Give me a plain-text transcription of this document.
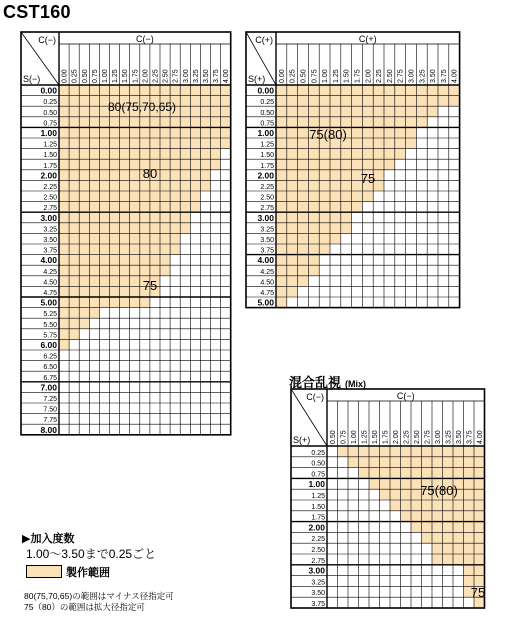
CST160
C(−)
S(−)
C(−)
0.00 0.25 0.50 0.75 1.00 1.25 1.50 1.75 2.00 2.25 2.50 2.75 3.00 3.25 3.50 3.75 4.00
0.00
0.25
0.50
0.75
1.00
1.25
1.50
1.75
2.00
2.25
2.50
2.75
3.00
3.25
3.50
3.75
4.00
4.25
4.50
4.75
5.00
5.25
5.50
5.75
6.00
6.25
6.50
6.75
7.00
7.25
7.50
7.75
8.00
80(75,70,65)
80
75
C(+)
S(+)
C(+)
0.00 0.25 0.50 0.75 1.00 1.25 1.50 1.75 2.00 2.25 2.50 2.75 3.00 3.25 3.50 3.75 4.00
0.00
0.25
0.50
0.75
1.00
1.25
1.50
1.75
2.00
2.25
2.50
2.75
3.00
3.25
3.50
3.75
4.00
4.25
4.50
4.75
5.00
75(80)
75
C(−)
S(+)
C(−)
0.50 0.75 1.00 1.25 1.50 1.75 2.00 2.25 2.50 2.75 3.00 3.25 3.50 3.75 4.00
0.25
0.50
0.75
1.00
1.25
1.50
1.75
2.00
2.25
2.50
2.75
3.00
3.25
3.50
3.75
75(80)
75
混合乱視 (Mix)
▶加入度数
1.00～3.50まで0.25ごと
製作範囲
80(75,70,65)の範囲はマイナス径指定可
75（80）の範囲は拡大径指定可
